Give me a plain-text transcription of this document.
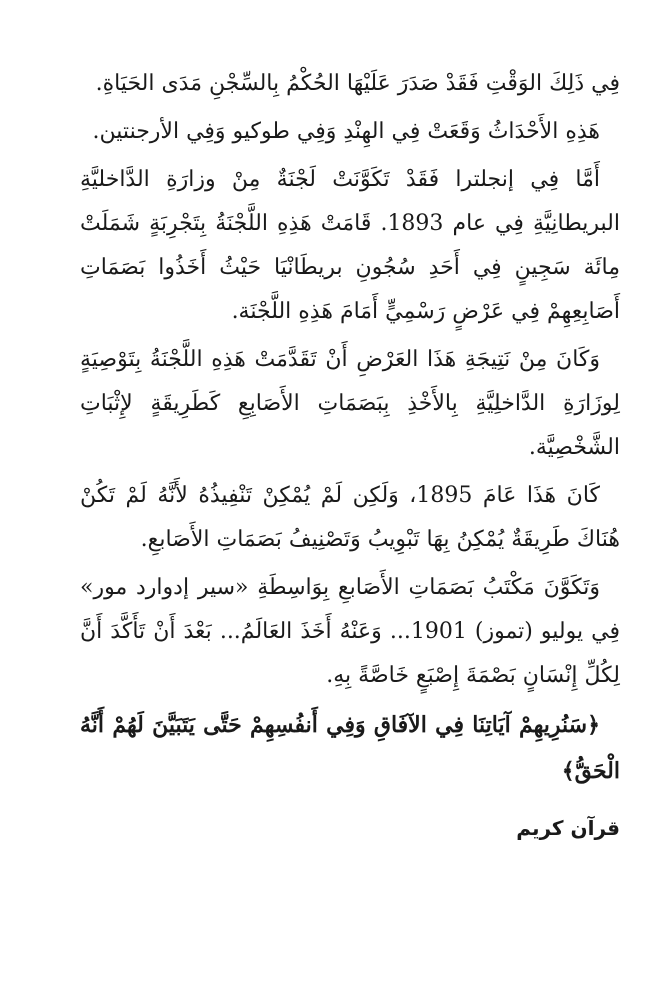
فِي ذَلِكَ الوَقْتِ فَقَدْ صَدَرَ عَلَيْهَا الحُكْمُ بِالسِّجْنِ مَدَى الحَيَاةِ.

هَذِهِ الأَحْدَاثُ وَقَعَتْ فِي الهِنْدِ وَفِي طوكيو وَفِي الأرجنتين.

أَمَّا فِي إنجلترا فَقَدْ تَكَوَّنَتْ لَجْنَةٌ مِنْ وزارَةِ الدَّاخليَّةِ البريطانِيَّةِ فِي عام 1893. قَامَتْ هَذِهِ اللَّجْنَةُ بِتَجْرِبَةٍ شَمَلَتْ مِائَة سَجِينٍ فِي أَحَدِ سُجُونِ بريطَانْيَا حَيْثُ أَخَذُوا بَصَمَاتِ أَصَابِعِهِمْ فِي عَرْضٍ رَسْمِيٍّ أَمَامَ هَذِهِ اللَّجْنَة.

وَكَانَ مِنْ نَتِيجَةِ هَذَا العَرْضِ أَنْ تَقَدَّمَتْ هَذِهِ اللَّجْنَةُ بِتَوْصِيَةٍ لِوزَارَةِ الدَّاخلِيَّةِ بِالأَخْذِ بِبَصَمَاتِ الأَصَابِعِ كَطَرِيقَةٍ لإِثْبَاتِ الشَّخْصِيَّة.

كَانَ هَذَا عَامَ 1895، وَلَكِن لَمْ يُمْكِنْ تَنْفِيذُهُ لأَنَّهُ لَمْ تَكُنْ هُنَاكَ طَرِيقَةٌ يُمْكِنُ بِهَا تَبْوِيبُ وَتَصْنِيفُ بَصَمَاتِ الأَصَابعِ.

وَتَكَوَّنَ مَكْتَبُ بَصَمَاتِ الأَصَابعِ بِوَاسِطَةِ «سير إدوارد مور» فِي يوليو (تموز) 1901... وَعَنْهُ أَخَذَ العَالَمُ... بَعْدَ أَنْ تَأَكَّدَ أَنَّ لِكُلِّ إِنْسَانٍ بَصْمَةَ إِصْبَعٍ خَاصَّةً بِهِ.

﴿سَنُرِيهِمْ آيَاتِنَا فِي الآفَاقِ وَفِي أَنفُسِهِمْ حَتَّى يَتَبَيَّنَ لَهُمْ أَنَّهُ الْحَقُّ﴾

قرآن كريم
